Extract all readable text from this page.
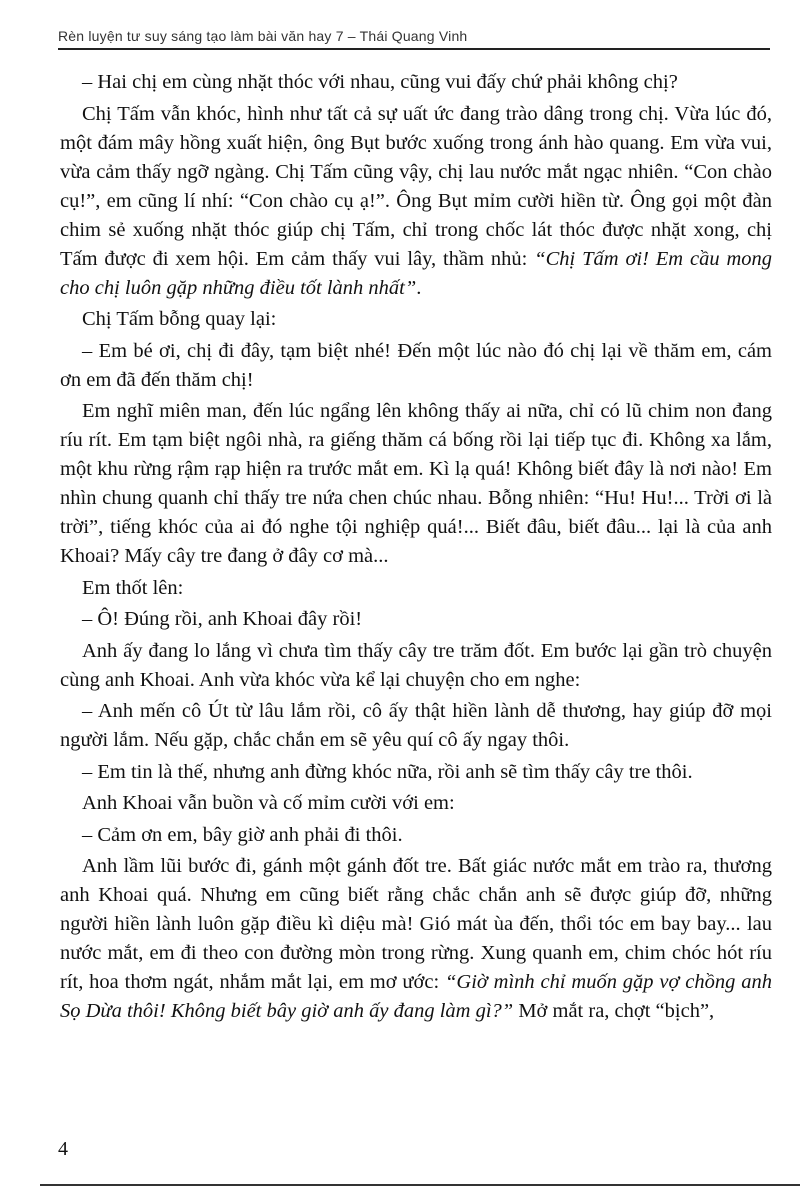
Rèn luyện tư suy sáng tạo làm bài văn hay 7 – Thái Quang Vinh

– Hai chị em cùng nhặt thóc với nhau, cũng vui đấy chứ phải không chị?

Chị Tấm vẫn khóc, hình như tất cả sự uất ức đang trào dâng trong chị. Vừa lúc đó, một đám mây hồng xuất hiện, ông Bụt bước xuống trong ánh hào quang. Em vừa vui, vừa cảm thấy ngỡ ngàng. Chị Tấm cũng vậy, chị lau nước mắt ngạc nhiên. “Con chào cụ!”, em cũng lí nhí: “Con chào cụ ạ!”. Ông Bụt mỉm cười hiền từ. Ông gọi một đàn chim sẻ xuống nhặt thóc giúp chị Tấm, chỉ trong chốc lát thóc được nhặt xong, chị Tấm được đi xem hội. Em cảm thấy vui lây, thầm nhủ: “Chị Tấm ơi! Em cầu mong cho chị luôn gặp những điều tốt lành nhất”.

Chị Tấm bỗng quay lại:

– Em bé ơi, chị đi đây, tạm biệt nhé! Đến một lúc nào đó chị lại về thăm em, cám ơn em đã đến thăm chị!

Em nghĩ miên man, đến lúc ngẩng lên không thấy ai nữa, chỉ có lũ chim non đang ríu rít. Em tạm biệt ngôi nhà, ra giếng thăm cá bống rồi lại tiếp tục đi. Không xa lắm, một khu rừng rậm rạp hiện ra trước mắt em. Kì lạ quá! Không biết đây là nơi nào! Em nhìn chung quanh chỉ thấy tre nứa chen chúc nhau. Bỗng nhiên: “Hu! Hu!... Trời ơi là trời”, tiếng khóc của ai đó nghe tội nghiệp quá!... Biết đâu, biết đâu... lại là của anh Khoai? Mấy cây tre đang ở đây cơ mà...

Em thốt lên:

– Ô! Đúng rồi, anh Khoai đây rồi!

Anh ấy đang lo lắng vì chưa tìm thấy cây tre trăm đốt. Em bước lại gần trò chuyện cùng anh Khoai. Anh vừa khóc vừa kể lại chuyện cho em nghe:

– Anh mến cô Út từ lâu lắm rồi, cô ấy thật hiền lành dễ thương, hay giúp đỡ mọi người lắm. Nếu gặp, chắc chắn em sẽ yêu quí cô ấy ngay thôi.

– Em tin là thế, nhưng anh đừng khóc nữa, rồi anh sẽ tìm thấy cây tre thôi.

Anh Khoai vẫn buồn và cố mỉm cười với em:

– Cảm ơn em, bây giờ anh phải đi thôi.

Anh lầm lũi bước đi, gánh một gánh đốt tre. Bất giác nước mắt em trào ra, thương anh Khoai quá. Nhưng em cũng biết rằng chắc chắn anh sẽ được giúp đỡ, những người hiền lành luôn gặp điều kì diệu mà! Gió mát ùa đến, thổi tóc em bay bay... lau nước mắt, em đi theo con đường mòn trong rừng. Xung quanh em, chim chóc hót ríu rít, hoa thơm ngát, nhắm mắt lại, em mơ ước: “Giờ mình chỉ muốn gặp vợ chồng anh Sọ Dừa thôi! Không biết bây giờ anh ấy đang làm gì?” Mở mắt ra, chợt “bịch”,

4
